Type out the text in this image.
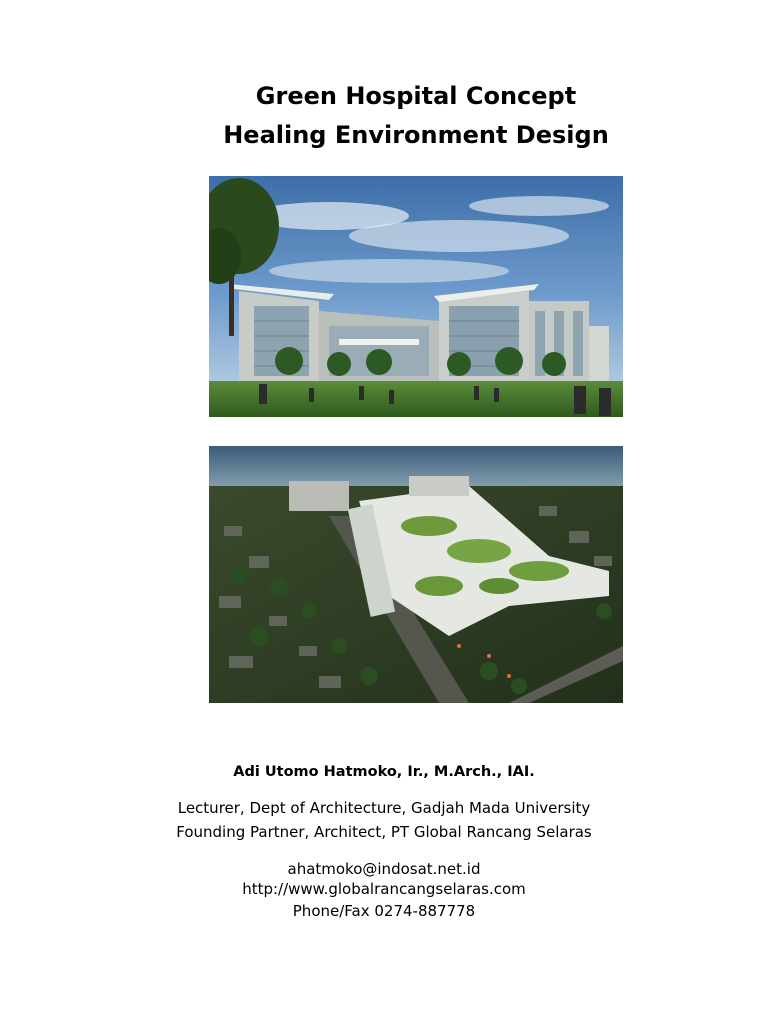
Green Hospital Concept
Healing Environment Design
Adi Utomo Hatmoko, Ir., M.Arch., IAI.
Lecturer, Dept of Architecture, Gadjah Mada University
Founding Partner, Architect, PT Global Rancang Selaras
ahatmoko@indosat.net.id
http://www.globalrancangselaras.com
Phone/Fax 0274-887778
